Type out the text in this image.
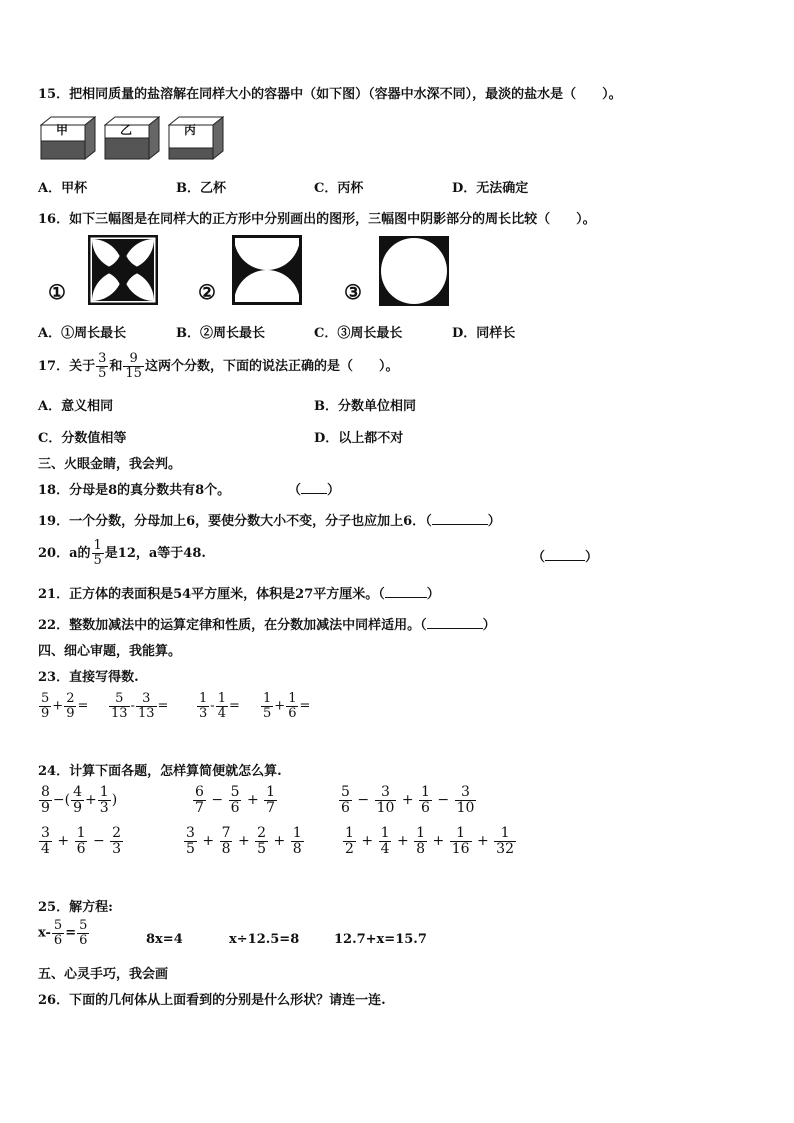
15．把相同质量的盐溶解在同样大小的容器中（如下图）（容器中水深不同），最淡的盐水是（　　）。
甲	乙	丙
A．甲杯	B．乙杯	C．丙杯	D．无法确定
16．如下三幅图是在同样大的正方形中分别画出的图形，三幅图中阴影部分的周长比较（　　）。
①	②	③
A．①周长最长	B．②周长最长	C．③周长最长	D．同样长
17．关于 $\frac{3}{5}$ 和 $\frac{9}{15}$ 这两个分数，下面的说法正确的是（　　）。
A．意义相同	B．分数单位相同
C．分数值相等	D．以上都不对
三、火眼金睛，我会判。
18．分母是8的真分数共有8个。	（ ）
19．一个分数，分母加上6，要使分数大小不变，分子也应加上6．（	）
20．a的 $\frac{1}{5}$ 是12，a等于48.	（	）
21．正方体的表面积是54平方厘米，体积是27平方厘米。（	）
22．整数加减法中的运算定律和性质，在分数加减法中同样适用。（	）
四、细心审题，我能算。
23．直接写得数.
$\frac{5}{9} + \frac{2}{9} = \frac{5}{13} - \frac{3}{13} = \frac{1}{3} - \frac{1}{4} = \frac{1}{5} + \frac{1}{6}$ =
24．计算下面各题，怎样算简便就怎么算.
$\frac{8}{9}$ −( $\frac{4}{9} + \frac{1}{3}$ )	$\frac{6}{7} - \frac{5}{6} + \frac{1}{7}$	$\frac{5}{6} - \frac{3}{10} + \frac{1}{6} - \frac{3}{10}$
$\frac{3}{4} + \frac{1}{6} - \frac{2}{3}$	$\frac{3}{5} + \frac{7}{8} + \frac{2}{5} + \frac{1}{8}$	$\frac{1}{2} + \frac{1}{4} + \frac{1}{8} + \frac{1}{16} + \frac{1}{32}$
25．解方程:
$x- \frac{5}{6} = \frac{5}{6}$	8x=4	x÷12.5=8	12.7+x=15.7
五、心灵手巧，我会画
26．下面的几何体从上面看到的分别是什么形状？请连一连.
